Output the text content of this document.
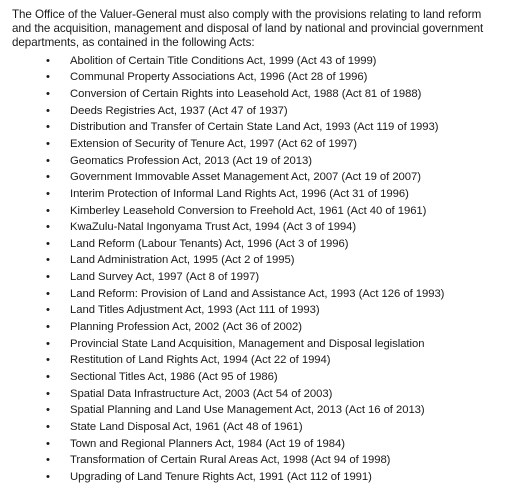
The Office of the Valuer-General must also comply with the provisions relating to land reform and the acquisition, management and disposal of land by national and provincial government departments, as contained in the following Acts:

• Abolition of Certain Title Conditions Act, 1999 (Act 43 of 1999)
• Communal Property Associations Act, 1996 (Act 28 of 1996)
• Conversion of Certain Rights into Leasehold Act, 1988 (Act 81 of 1988)
• Deeds Registries Act, 1937 (Act 47 of 1937)
• Distribution and Transfer of Certain State Land Act, 1993 (Act 119 of 1993)
• Extension of Security of Tenure Act, 1997 (Act 62 of 1997)
• Geomatics Profession Act, 2013 (Act 19 of 2013)
• Government Immovable Asset Management Act, 2007 (Act 19 of 2007)
• Interim Protection of Informal Land Rights Act, 1996 (Act 31 of 1996)
• Kimberley Leasehold Conversion to Freehold Act, 1961 (Act 40 of 1961)
• KwaZulu-Natal Ingonyama Trust Act, 1994 (Act 3 of 1994)
• Land Reform (Labour Tenants) Act, 1996 (Act 3 of 1996)
• Land Administration Act, 1995 (Act 2 of 1995)
• Land Survey Act, 1997 (Act 8 of 1997)
• Land Reform: Provision of Land and Assistance Act, 1993 (Act 126 of 1993)
• Land Titles Adjustment Act, 1993 (Act 111 of 1993)
• Planning Profession Act, 2002 (Act 36 of 2002)
• Provincial State Land Acquisition, Management and Disposal legislation
• Restitution of Land Rights Act, 1994 (Act 22 of 1994)
• Sectional Titles Act, 1986 (Act 95 of 1986)
• Spatial Data Infrastructure Act, 2003 (Act 54 of 2003)
• Spatial Planning and Land Use Management Act, 2013 (Act 16 of 2013)
• State Land Disposal Act, 1961 (Act 48 of 1961)
• Town and Regional Planners Act, 1984 (Act 19 of 1984)
• Transformation of Certain Rural Areas Act, 1998 (Act 94 of 1998)
• Upgrading of Land Tenure Rights Act, 1991 (Act 112 of 1991)
